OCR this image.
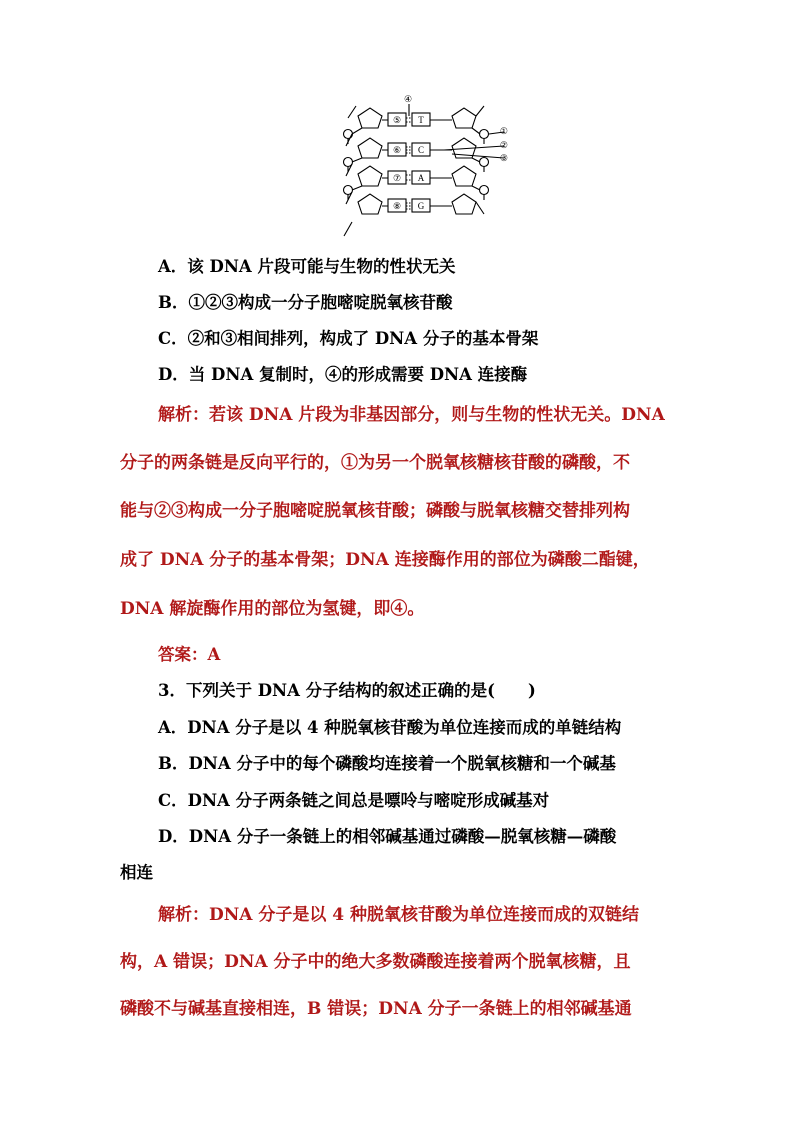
④
①
②
③
⑤
⑥
⑦
⑧
T
C
A
G
A．该 DNA 片段可能与生物的性状无关
B．①②③构成一分子胞嘧啶脱氧核苷酸
C．②和③相间排列，构成了 DNA 分子的基本骨架
D．当 DNA 复制时，④的形成需要 DNA 连接酶
解析：若该 DNA 片段为非基因部分，则与生物的性状无关。DNA
分子的两条链是反向平行的，①为另一个脱氧核糖核苷酸的磷酸，不
能与②③构成一分子胞嘧啶脱氧核苷酸；磷酸与脱氧核糖交替排列构
成了 DNA 分子的基本骨架；DNA 连接酶作用的部位为磷酸二酯键，
DNA 解旋酶作用的部位为氢键，即④。
答案：A
3．下列关于 DNA 分子结构的叙述正确的是(　　)
A．DNA 分子是以 4 种脱氧核苷酸为单位连接而成的单链结构
B．DNA 分子中的每个磷酸均连接着一个脱氧核糖和一个碱基
C．DNA 分子两条链之间总是嘌呤与嘧啶形成碱基对
D．DNA 分子一条链上的相邻碱基通过磷酸—脱氧核糖—磷酸
相连
解析：DNA 分子是以 4 种脱氧核苷酸为单位连接而成的双链结
构，A 错误；DNA 分子中的绝大多数磷酸连接着两个脱氧核糖，且
磷酸不与碱基直接相连，B 错误；DNA 分子一条链上的相邻碱基通
